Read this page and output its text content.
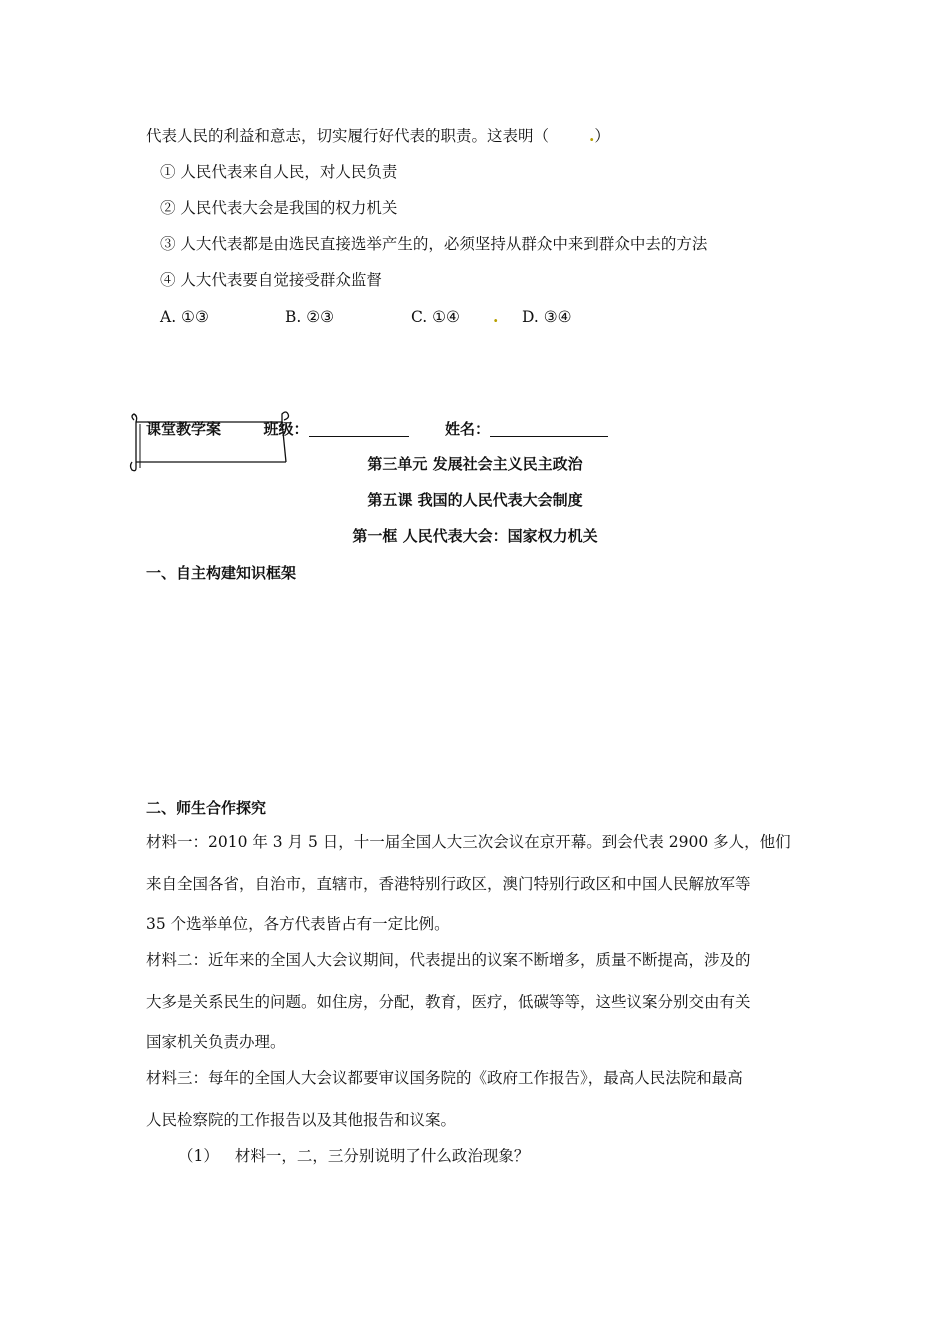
代表人民的利益和意志，切实履行好代表的职责。这表明（	.）
① 人民代表来自人民，对人民负责
② 人民代表大会是我国的权力机关
③ 人大代表都是由选民直接选举产生的，必须坚持从群众中来到群众中去的方法
④ 人大代表要自觉接受群众监督
A. ①③	B. ②③	C. ①④ . D. ③④
课堂教学案	班级：	姓名：
第三单元 发展社会主义民主政治
第五课 我国的人民代表大会制度
第一框 人民代表大会：国家权力机关
一、自主构建知识框架
二、师生合作探究
材料一：2010 年 3 月 5 日，十一届全国人大三次会议在京开幕。到会代表 2900 多人，他们
来自全国各省，自治市，直辖市，香港特别行政区，澳门特别行政区和中国人民解放军等
35 个选举单位，各方代表皆占有一定比例。
材料二：近年来的全国人大会议期间，代表提出的议案不断增多，质量不断提高，涉及的
大多是关系民生的问题。如住房，分配，教育，医疗，低碳等等，这些议案分别交由有关
国家机关负责办理。
材料三：每年的全国人大会议都要审议国务院的《政府工作报告》，最高人民法院和最高
人民检察院的工作报告以及其他报告和议案。
（1） 材料一，二，三分别说明了什么政治现象？
